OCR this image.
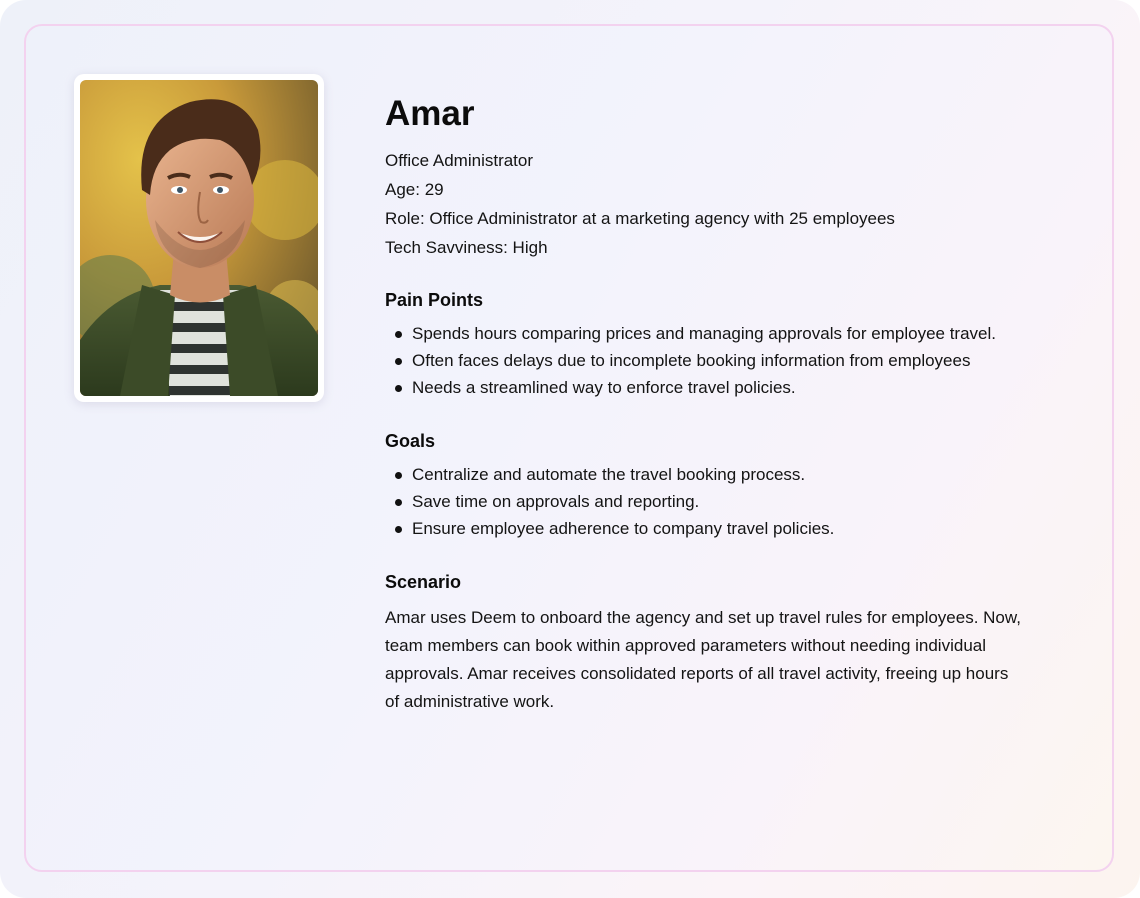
Amar
Office Administrator
Age: 29
Role: Office Administrator at a marketing agency with 25 employees
Tech Savviness: High
Pain Points
Spends hours comparing prices and managing approvals for employee travel.
Often faces delays due to incomplete booking information from employees
Needs a streamlined way to enforce travel policies.
Goals
Centralize and automate the travel booking process.
Save time on approvals and reporting.
Ensure employee adherence to company travel policies.
Scenario
Amar uses Deem to onboard the agency and set up travel rules for employees. Now, team members can book within approved parameters without needing individual approvals. Amar receives consolidated reports of all travel activity, freeing up hours of administrative work.
